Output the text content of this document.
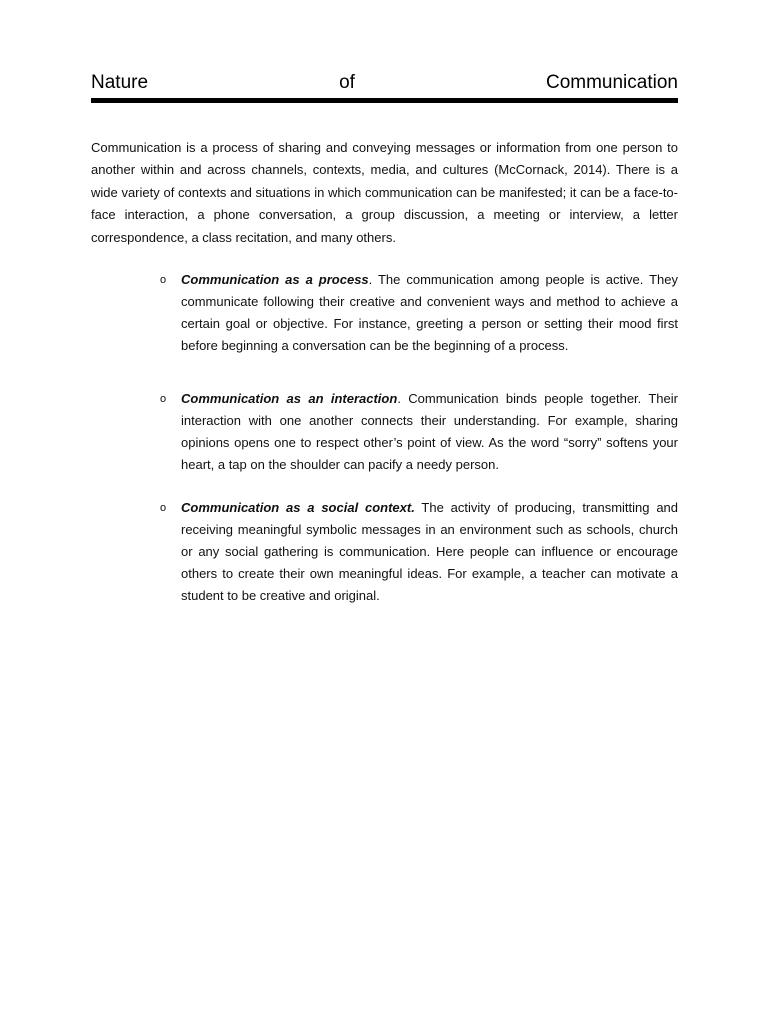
Nature	of	Communication

Communication is a process of sharing and conveying messages or information from one person to another within and across channels, contexts, media, and cultures (McCornack, 2014). There is a wide variety of contexts and situations in which communication can be manifested; it can be a face-to-face interaction, a phone conversation, a group discussion, a meeting or interview, a letter correspondence, a class recitation, and many others.

o Communication as a process. The communication among people is active. They communicate following their creative and convenient ways and method to achieve a certain goal or objective. For instance, greeting a person or setting their mood first before beginning a conversation can be the beginning of a process.

o Communication as an interaction. Communication binds people together. Their interaction with one another connects their understanding. For example, sharing opinions opens one to respect other’s point of view. As the word “sorry” softens your heart, a tap on the shoulder can pacify a needy person.

o Communication as a social context. The activity of producing, transmitting and receiving meaningful symbolic messages in an environment such as schools, church or any social gathering is communication. Here people can influence or encourage others to create their own meaningful ideas. For example, a teacher can motivate a student to be creative and original.
